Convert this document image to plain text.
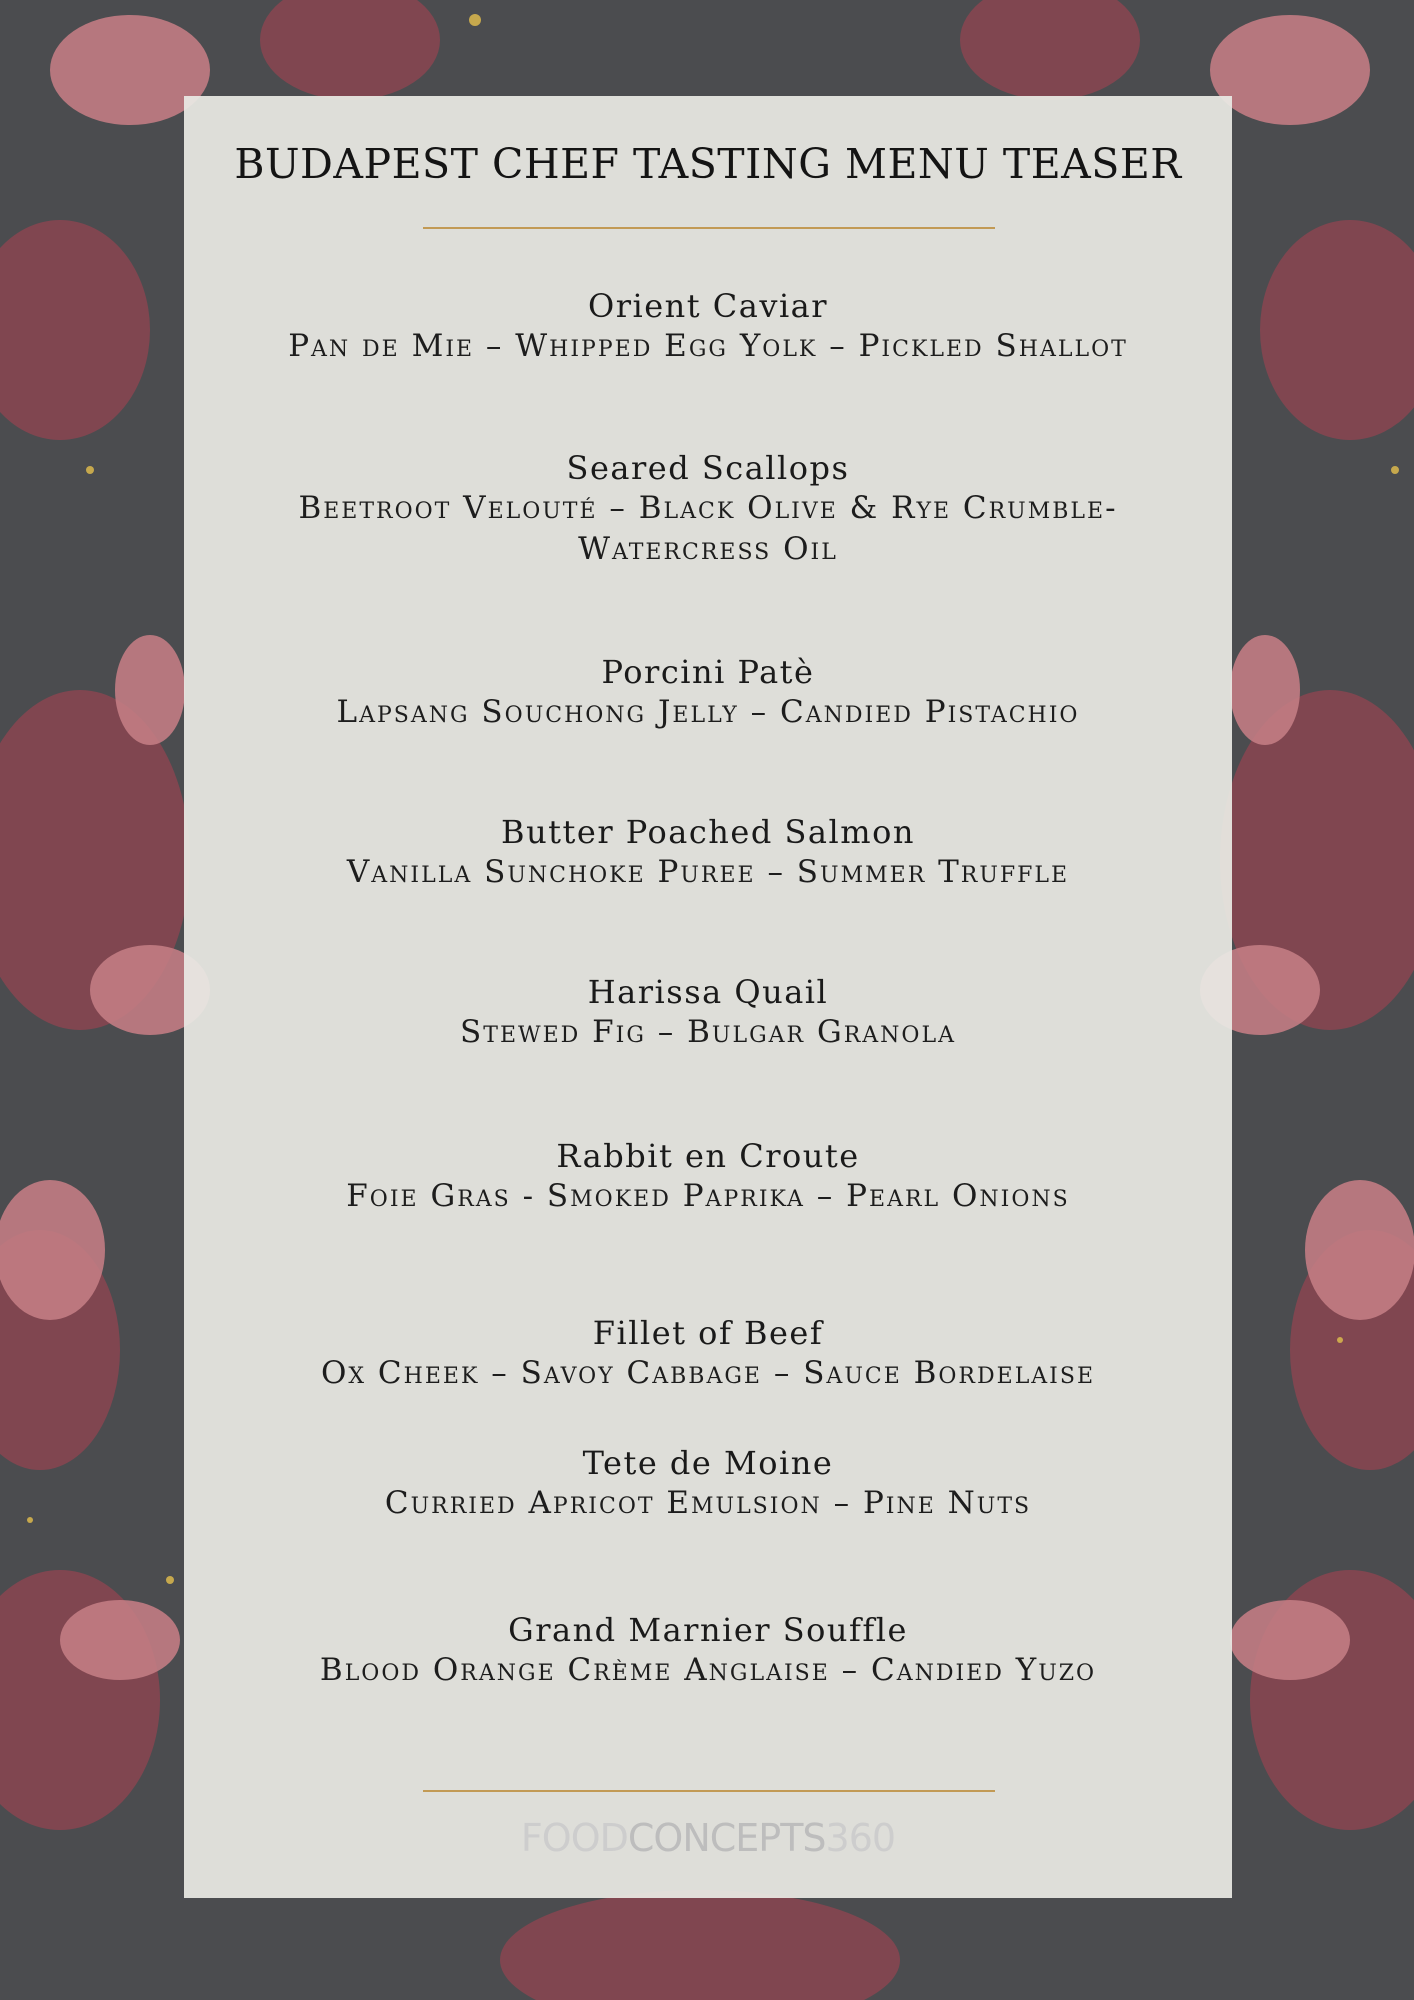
BUDAPEST CHEF TASTING MENU TEASER
Orient Caviar
Pan de Mie – Whipped Egg Yolk – Pickled Shallot
Seared Scallops
Beetroot Velouté – Black Olive & Rye Crumble-
Watercress Oil
Porcini Patè
Lapsang Souchong Jelly – Candied Pistachio
Butter Poached Salmon
Vanilla Sunchoke Puree – Summer Truffle
Harissa Quail
Stewed Fig – Bulgar Granola
Rabbit en Croute
Foie Gras - Smoked Paprika – Pearl Onions
Fillet of Beef
Ox Cheek – Savoy Cabbage – Sauce Bordelaise
Tete de Moine
Curried Apricot Emulsion – Pine Nuts
Grand Marnier Souffle
Blood Orange Crème Anglaise – Candied Yuzo
FOODCONCEPTS360
